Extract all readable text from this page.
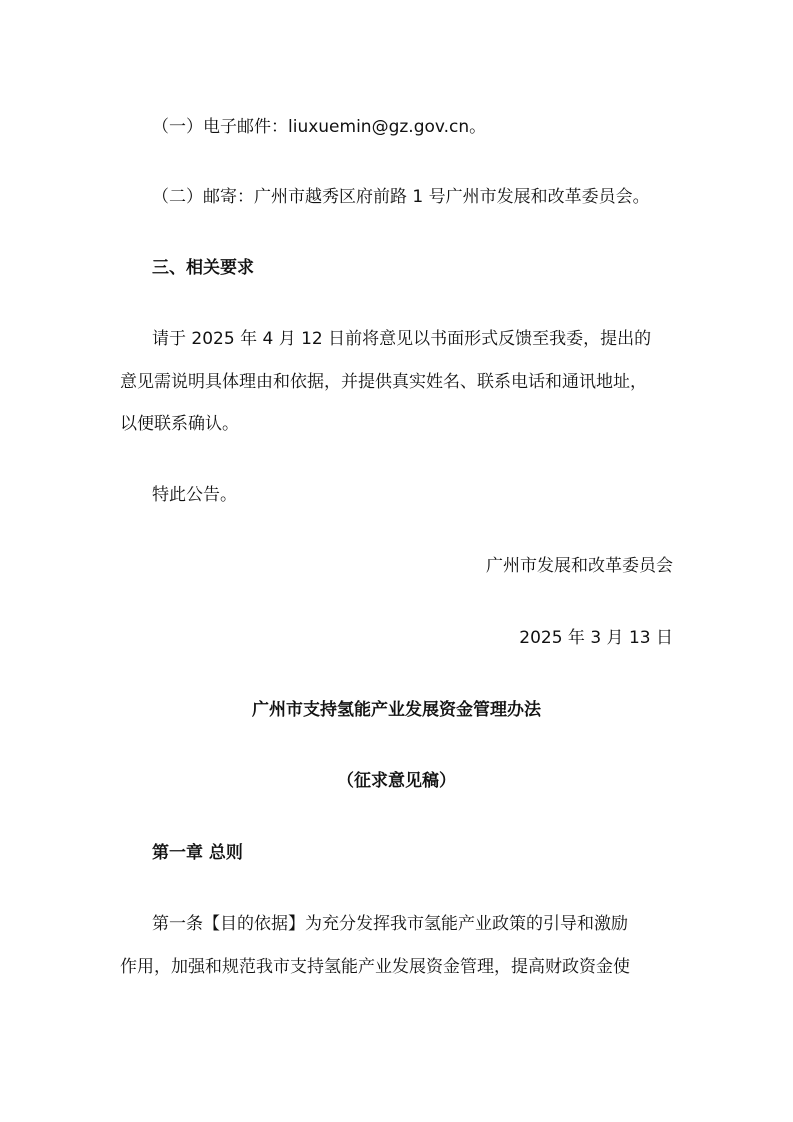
（一）电子邮件：liuxuemin@gz.gov.cn。
（二）邮寄：广州市越秀区府前路 1 号广州市发展和改革委员会。
三、相关要求
请于 2025 年 4 月 12 日前将意见以书面形式反馈至我委，提出的
意见需说明具体理由和依据，并提供真实姓名、联系电话和通讯地址，
以便联系确认。
特此公告。
广州市发展和改革委员会
2025 年 3 月 13 日
广州市支持氢能产业发展资金管理办法
（征求意见稿）
第一章 总则
第一条【目的依据】为充分发挥我市氢能产业政策的引导和激励
作用，加强和规范我市支持氢能产业发展资金管理，提高财政资金使
